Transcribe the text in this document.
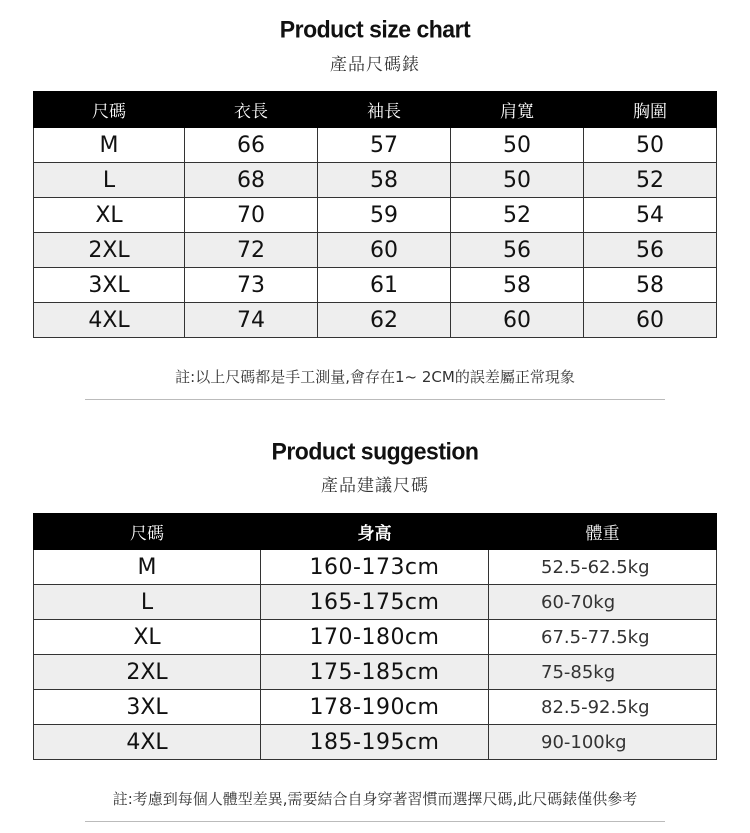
Product size chart
產品尺碼錶
尺碼	衣長	袖長	肩寬	胸圍
M	66	57	50	50
L	68	58	50	52
XL	70	59	52	54
2XL	72	60	56	56
3XL	73	61	58	58
4XL	74	62	60	60
註:以上尺碼都是手工測量,會存在1~ 2CM的誤差屬正常現象
Product suggestion
產品建議尺碼
尺碼	身高	體重
M	160-173cm	52.5-62.5kg
L	165-175cm	60-70kg
XL	170-180cm	67.5-77.5kg
2XL	175-185cm	75-85kg
3XL	178-190cm	82.5-92.5kg
4XL	185-195cm	90-100kg
註:考慮到每個人體型差異,需要結合自身穿著習慣而選擇尺碼,此尺碼錶僅供參考
